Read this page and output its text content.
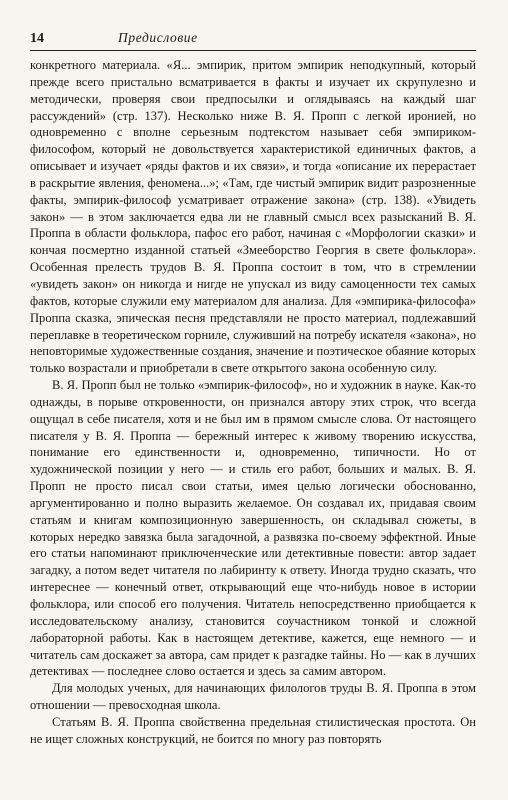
14	Предисловие

конкретного материала. «Я... эмпирик, притом эмпирик неподкупный, который прежде всего пристально всматривается в факты и изучает их скрупулезно и методически, проверяя свои предпосылки и оглядываясь на каждый шаг рассуждений» (стр. 137). Несколько ниже В. Я. Пропп с легкой иронией, но одновременно с вполне серьезным подтекстом называет себя эмпириком-философом, который не довольствуется характеристикой единичных фактов, а описывает и изучает «ряды фактов и их связи», и тогда «описание их перерастает в раскрытие явления, феномена...»; «Там, где чистый эмпирик видит разрозненные факты, эмпирик-философ усматривает отражение закона» (стр. 138). «Увидеть закон» — в этом заключается едва ли не главный смысл всех разысканий В. Я. Проппа в области фольклора, пафос его работ, начиная с «Морфологии сказки» и кончая посмертно изданной статьей «Змееборство Георгия в свете фольклора». Особенная прелесть трудов В. Я. Проппа состоит в том, что в стремлении «увидеть закон» он никогда и нигде не упускал из виду самоценности тех самых фактов, которые служили ему материалом для анализа. Для «эмпирика-философа» Проппа сказка, эпическая песня представляли не просто материал, подлежавший переплавке в теоретическом горниле, служивший на потребу искателя «закона», но неповторимые художественные создания, значение и поэтическое обаяние которых только возрастали и приобретали в свете открытого закона особенную силу.

В. Я. Пропп был не только «эмпирик-философ», но и художник в науке. Как-то однажды, в порыве откровенности, он признался автору этих строк, что всегда ощущал в себе писателя, хотя и не был им в прямом смысле слова. От настоящего писателя у В. Я. Проппа — бережный интерес к живому творению искусства, понимание его единственности и, одновременно, типичности. Но от художнической позиции у него — и стиль его работ, больших и малых. В. Я. Пропп не просто писал свои статьи, имея целью логически обоснованно, аргументированно и полно выразить желаемое. Он создавал их, придавая своим статьям и книгам композиционную завершенность, он складывал сюжеты, в которых нередко завязка была загадочной, а развязка по-своему эффектной. Иные его статьи напоминают приключенческие или детективные повести: автор задает загадку, а потом ведет читателя по лабиринту к ответу. Иногда трудно сказать, что интереснее — конечный ответ, открывающий еще что-нибудь новое в истории фольклора, или способ его получения. Читатель непосредственно приобщается к исследовательскому анализу, становится соучастником тонкой и сложной лабораторной работы. Как в настоящем детективе, кажется, еще немного — и читатель сам доскажет за автора, сам придет к разгадке тайны. Но — как в лучших детективах — последнее слово остается и здесь за самим автором.

Для молодых ученых, для начинающих филологов труды В. Я. Проппа в этом отношении — превосходная школа.

Статьям В. Я. Проппа свойственна предельная стилистическая простота. Он не ищет сложных конструкций, не боится по многу раз повторять
